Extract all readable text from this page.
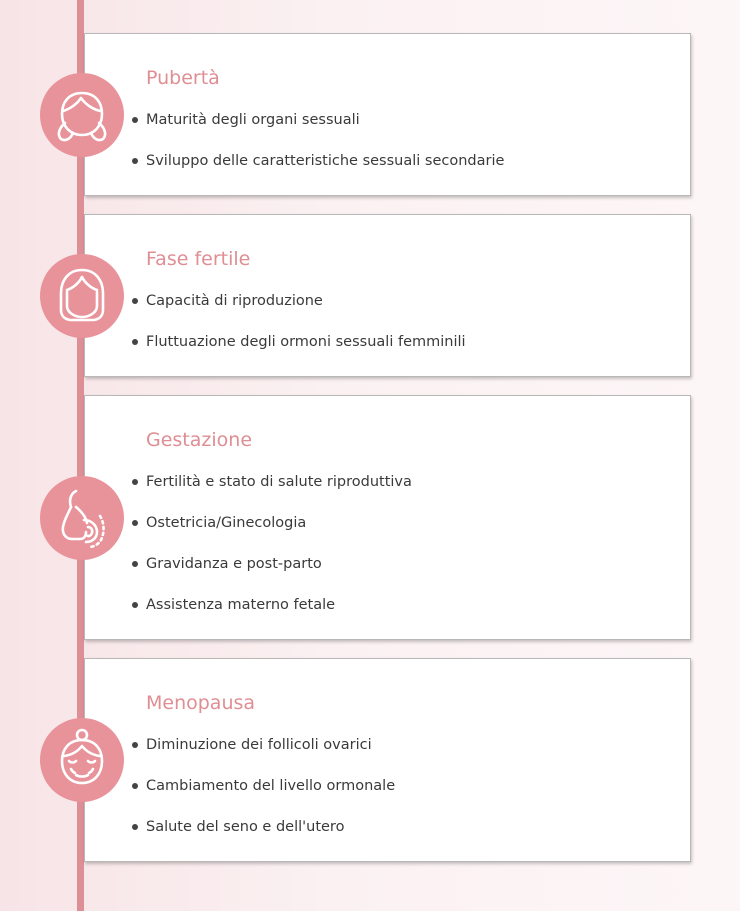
Pubertà
Maturità degli organi sessuali
Sviluppo delle caratteristiche sessuali secondarie
Fase fertile
Capacità di riproduzione
Fluttuazione degli ormoni sessuali femminili
Gestazione
Fertilità e stato di salute riproduttiva
Ostetricia/Ginecologia
Gravidanza e post-parto
Assistenza materno fetale
Menopausa
Diminuzione dei follicoli ovarici
Cambiamento del livello ormonale
Salute del seno e dell'utero
